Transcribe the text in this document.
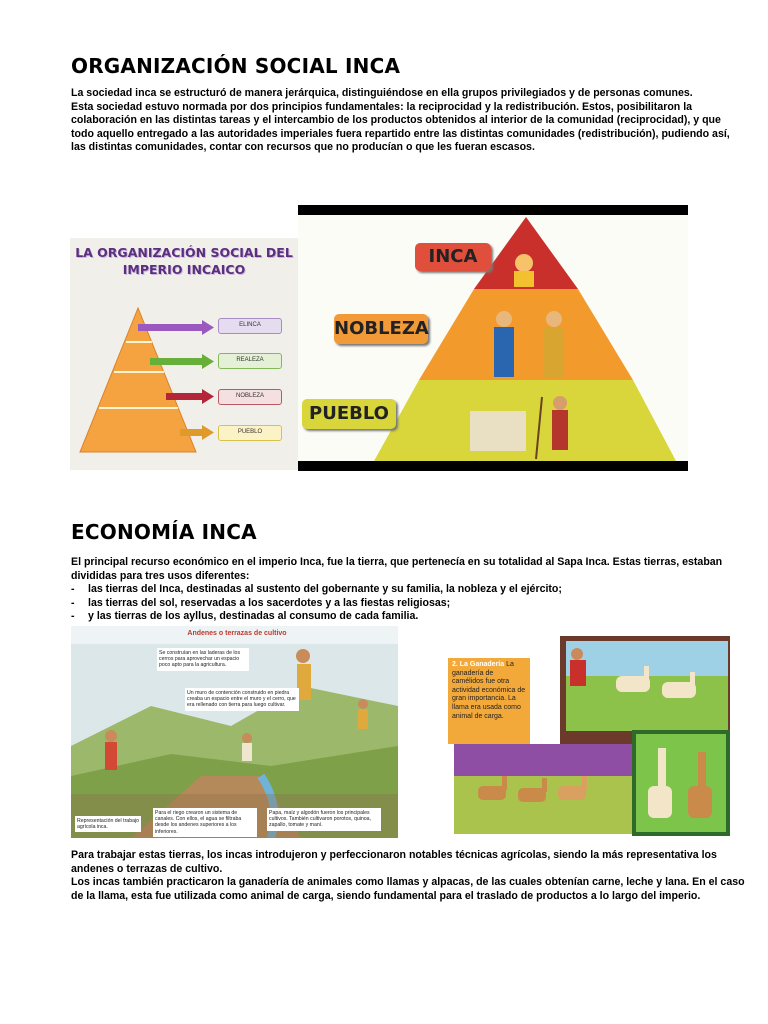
ORGANIZACIÓN SOCIAL INCA

La sociedad inca se estructuró de manera jerárquica, distinguiéndose en ella grupos privilegiados y de personas comunes.

Esta sociedad estuvo normada por dos principios fundamentales: la reciprocidad y la redistribución. Estos, posibilitaron la colaboración en las distintas tareas y el intercambio de los productos obtenidos al interior de la comunidad (reciprocidad), y que todo aquello entregado a las autoridades imperiales fuera repartido entre las distintas comunidades (redistribución), pudiendo así, las distintas comunidades, contar con recursos que no producían o que les fueran escasos.

LA ORGANIZACIÓN SOCIAL DEL IMPERIO INCAICO
ELINCA
REALEZA
NOBLEZA
PUEBLO
INCA
NOBLEZA
PUEBLO
ECONOMÍA INCA

El principal recurso económico en el imperio Inca, fue la tierra, que pertenecía en su totalidad al Sapa Inca. Estas tierras, estaban divididas para tres usos diferentes:

- las tierras del Inca, destinadas al sustento del gobernante y su familia, la nobleza y el ejército;
- las tierras del sol, reservadas a los sacerdotes y a las fiestas religiosas;
- y las tierras de los ayllus, destinadas al consumo de cada familia.
Andenes o terrazas de cultivo
Se construían en las laderas de los cerros para aprovechar un espacio poco apto para la agricultura.
Un muro de contención construido en piedra creaba un espacio entre el muro y el cerro, que era rellenado con tierra para luego cultivar.
Representación del trabajo agrícola inca.
Para el riego crearon un sistema de canales. Con ellos, el agua se filtraba desde los andenes superiores a los inferiores.
Papa, maíz y algodón fueron los principales cultivos. También cultivaron porotos, quinoa, zapallo, tomate y maní.
2. La Ganadería La ganadería de camélidos fue otra actividad económica de gran importancia. La llama era usada como animal de carga.

Para trabajar estas tierras, los incas introdujeron y perfeccionaron notables técnicas agrícolas, siendo la más representativa los andenes o terrazas de cultivo.

Los incas también practicaron la ganadería de animales como llamas y alpacas, de las cuales obtenían carne, leche y lana. En el caso de la llama, esta fue utilizada como animal de carga, siendo fundamental para el traslado de productos a lo largo del imperio.
